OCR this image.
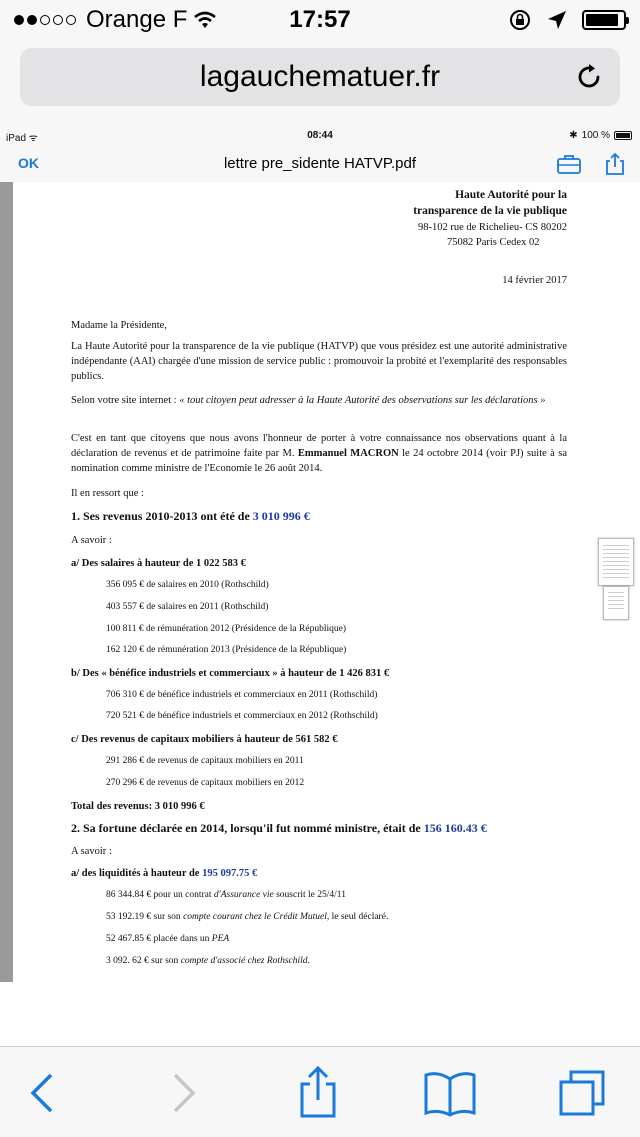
Orange F	17:57
lagauchematuer.fr
iPad ᯤ	08:44	✱ 100 %
OK	lettre pre_sidente HATVP.pdf

Haute Autorité pour la

transparence de la vie publique

98-102 rue de Richelieu- CS 80202

75082 Paris Cedex 02

14 février 2017

Madame la Présidente,

La Haute Autorité pour la transparence de la vie publique (HATVP) que vous présidez est une autorité administrative indépendante (AAI) chargée d'une mission de service public : promouvoir la probité et l'exemplarité des responsables publics.

Selon votre site internet : « tout citoyen peut adresser à la Haute Autorité des observations sur les déclarations »

C'est en tant que citoyens que nous avons l'honneur de porter à votre connaissance nos observations quant à la déclaration de revenus et de patrimoine faite par M. Emmanuel MACRON le 24 octobre 2014 (voir PJ) suite à sa nomination comme ministre de l'Economie le 26 août 2014.

Il en ressort que :

1. Ses revenus 2010-2013 ont été de 3 010 996 €

A savoir :

a/ Des salaires à hauteur de 1 022 583 €

356 095 € de salaires en 2010 (Rothschild)

403 557 € de salaires en 2011 (Rothschild)

100 811 € de rémunération 2012 (Présidence de la République)

162 120 € de rémunération 2013 (Présidence de la République)

b/ Des « bénéfice industriels et commerciaux » à hauteur de 1 426 831 €

706 310 € de bénéfice industriels et commerciaux en 2011 (Rothschild)

720 521 € de bénéfice industriels et commerciaux en 2012 (Rothschild)

c/ Des revenus de capitaux mobiliers à hauteur de 561 582 €

291 286 € de revenus de capitaux mobiliers en 2011

270 296 € de revenus de capitaux mobiliers en 2012

Total des revenus: 3 010 996 €

2. Sa fortune déclarée en 2014, lorsqu'il fut nommé ministre, était de 156 160.43 €

A savoir :

a/ des liquidités à hauteur de 195 097.75 €

86 344.84 € pour un contrat d'Assurance vie souscrit le 25/4/11

53 192.19 € sur son compte courant chez le Crédit Mutuel, le seul déclaré.

52 467.85 € placée dans un PEA

3 092. 62 € sur son compte d'associé chez Rothschild.
